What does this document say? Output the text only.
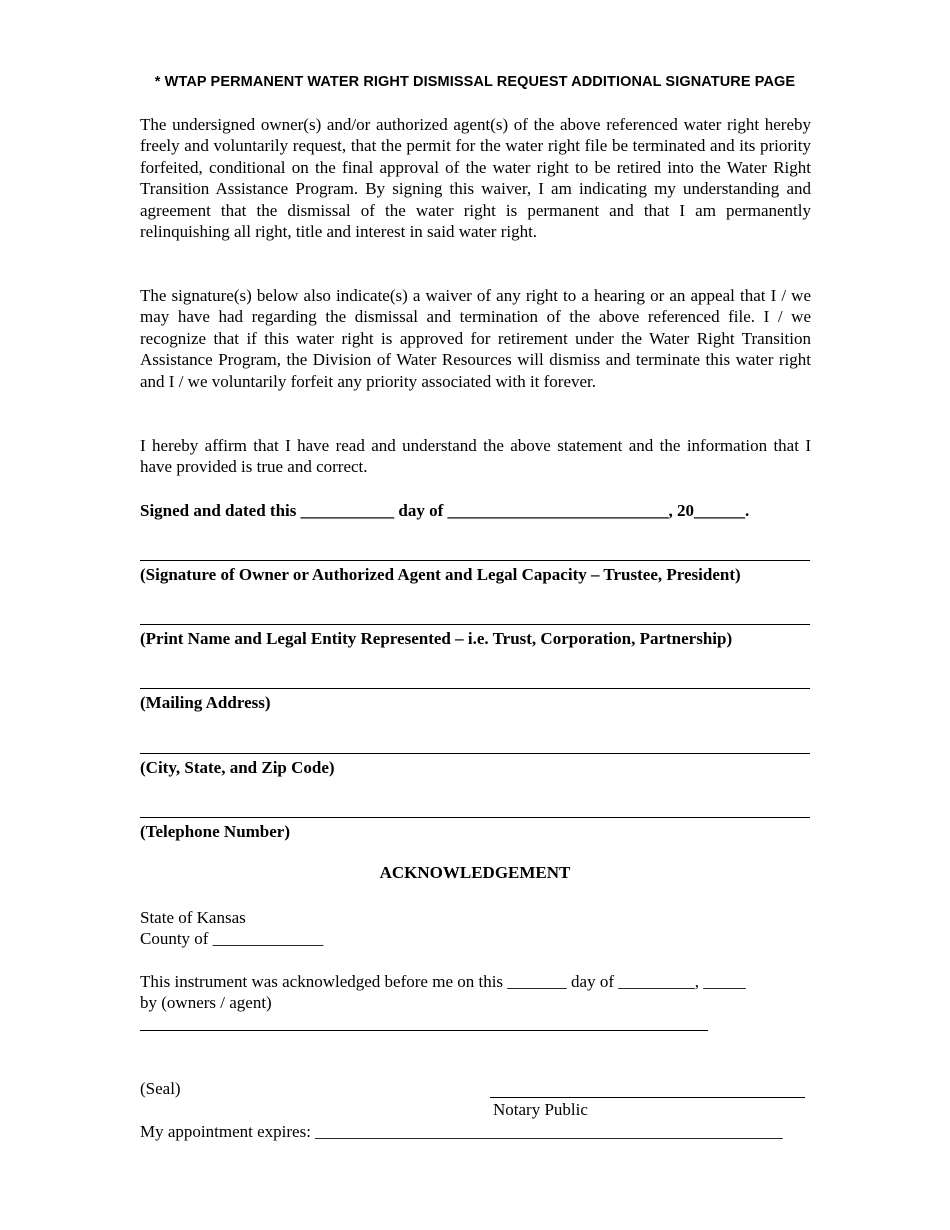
* WTAP PERMANENT WATER RIGHT DISMISSAL REQUEST ADDITIONAL SIGNATURE PAGE

The undersigned owner(s) and/or authorized agent(s) of the above referenced water right hereby freely and voluntarily request, that the permit for the water right file be terminated and its priority forfeited, conditional on the final approval of the water right to be retired into the Water Right Transition Assistance Program. By signing this waiver, I am indicating my understanding and agreement that the dismissal of the water right is permanent and that I am permanently relinquishing all right, title and interest in said water right.

The signature(s) below also indicate(s) a waiver of any right to a hearing or an appeal that I / we may have had regarding the dismissal and termination of the above referenced file. I / we recognize that if this water right is approved for retirement under the Water Right Transition Assistance Program, the Division of Water Resources will dismiss and terminate this water right and I / we voluntarily forfeit any priority associated with it forever.

I hereby affirm that I have read and understand the above statement and the information that I have provided is true and correct.

Signed and dated this ___________ day of __________________________, 20______.
(Signature of Owner or Authorized Agent and Legal Capacity – Trustee, President)
(Print Name and Legal Entity Represented – i.e. Trust, Corporation, Partnership)
(Mailing Address)
(City, State, and Zip Code)
(Telephone Number)
ACKNOWLEDGEMENT
State of Kansas
County of _____________
This instrument was acknowledged before me on this _______ day of _________, _____
by (owners / agent)
(Seal)
Notary Public
My appointment expires: _______________________________________________________
